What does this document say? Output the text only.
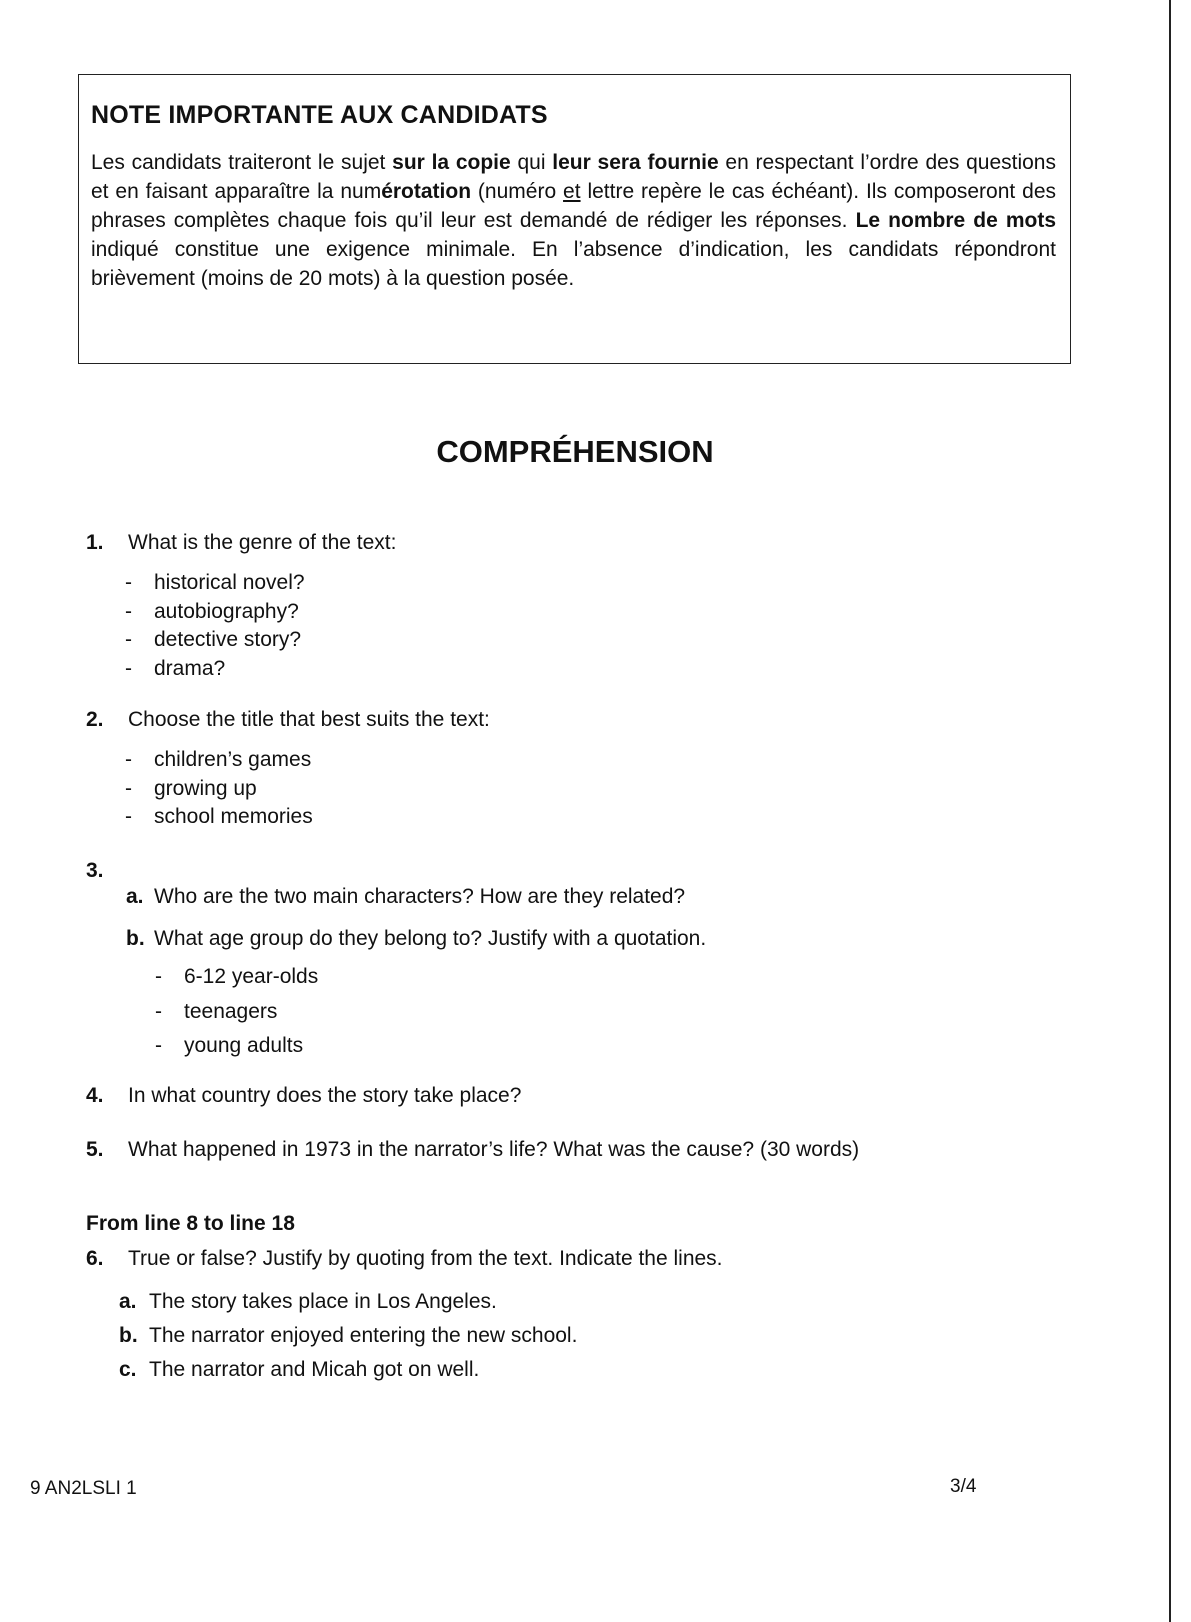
NOTE IMPORTANTE AUX CANDIDATS

Les candidats traiteront le sujet sur la copie qui leur sera fournie en respectant l’ordre des questions et en faisant apparaître la numérotation (numéro et lettre repère le cas échéant). Ils composeront des phrases complètes chaque fois qu’il leur est demandé de rédiger les réponses. Le nombre de mots indiqué constitue une exigence minimale. En l’absence d’indication, les candidats répondront brièvement (moins de 20 mots) à la question posée.

COMPRÉHENSION
1. What is the genre of the text:
- historical novel?
- autobiography?
- detective story?
- drama?
2. Choose the title that best suits the text:
- children’s games
- growing up
- school memories
3.
a. Who are the two main characters? How are they related?
b. What age group do they belong to? Justify with a quotation.
- 6-12 year-olds
- teenagers
- young adults
4. In what country does the story take place?
5. What happened in 1973 in the narrator’s life? What was the cause? (30 words)
From line 8 to line 18
6. True or false? Justify by quoting from the text. Indicate the lines.
a. The story takes place in Los Angeles.
b. The narrator enjoyed entering the new school.
c. The narrator and Micah got on well.
9 AN2LSLI 1	3/4
